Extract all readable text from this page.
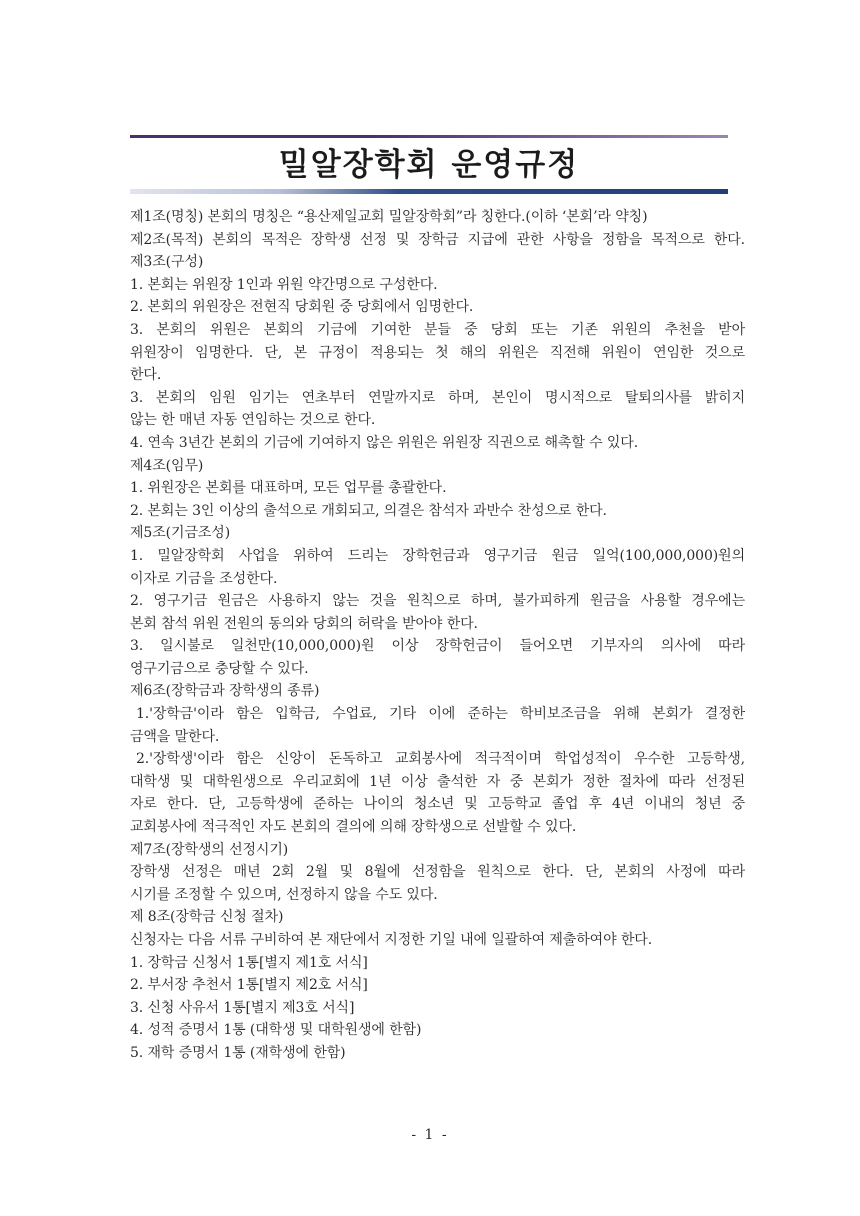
밀알장학회 운영규정
제1조(명칭) 본회의 명칭은 “용산제일교회 밀알장학회”라 칭한다.(이하 ‘본회’라 약칭)
제2조(목적) 본회의 목적은 장학생 선정 및 장학금 지급에 관한 사항을 정함을 목적으로 한다.
제3조(구성)
1. 본회는 위원장 1인과 위원 약간명으로 구성한다.
2. 본회의 위원장은 전현직 당회원 중 당회에서 임명한다.
3. 본회의 위원은 본회의 기금에 기여한 분들 중 당회 또는 기존 위원의 추천을 받아
위원장이 임명한다. 단, 본 규정이 적용되는 첫 해의 위원은 직전해 위원이 연임한 것으로
한다.
3. 본회의 임원 임기는 연초부터 연말까지로 하며, 본인이 명시적으로 탈퇴의사를 밝히지
않는 한 매년 자동 연임하는 것으로 한다.
4. 연속 3년간 본회의 기금에 기여하지 않은 위원은 위원장 직권으로 해촉할 수 있다.
제4조(임무)
1. 위원장은 본회를 대표하며, 모든 업무를 총괄한다.
2. 본회는 3인 이상의 출석으로 개회되고, 의결은 참석자 과반수 찬성으로 한다.
제5조(기금조성)
1. 밀알장학회 사업을 위하여 드리는 장학헌금과 영구기금 원금 일억(100,000,000)원의
이자로 기금을 조성한다.
2. 영구기금 원금은 사용하지 않는 것을 원칙으로 하며, 불가피하게 원금을 사용할 경우에는
본회 참석 위원 전원의 동의와 당회의 허락을 받아야 한다.
3. 일시불로 일천만(10,000,000)원 이상 장학헌금이 들어오면 기부자의 의사에 따라
영구기금으로 충당할 수 있다.
제6조(장학금과 장학생의 종류)
1.'장학금'이라 함은 입학금, 수업료, 기타 이에 준하는 학비보조금을 위해 본회가 결정한
금액을 말한다.
2.'장학생'이라 함은 신앙이 돈독하고 교회봉사에 적극적이며 학업성적이 우수한 고등학생,
대학생 및 대학원생으로 우리교회에 1년 이상 출석한 자 중 본회가 정한 절차에 따라 선정된
자로 한다. 단, 고등학생에 준하는 나이의 청소년 및 고등학교 졸업 후 4년 이내의 청년 중
교회봉사에 적극적인 자도 본회의 결의에 의해 장학생으로 선발할 수 있다.
제7조(장학생의 선정시기)
장학생 선정은 매년 2회 2월 및 8월에 선정함을 원칙으로 한다. 단, 본회의 사정에 따라
시기를 조정할 수 있으며, 선정하지 않을 수도 있다.
제 8조(장학금 신청 절차)
신청자는 다음 서류 구비하여 본 재단에서 지정한 기일 내에 일괄하여 제출하여야 한다.
1. 장학금 신청서 1통[별지 제1호 서식]
2. 부서장 추천서 1통[별지 제2호 서식]
3. 신청 사유서 1통[별지 제3호 서식]
4. 성적 증명서 1통 (대학생 및 대학원생에 한함)
5. 재학 증명서 1통 (재학생에 한함)
- 1 -
